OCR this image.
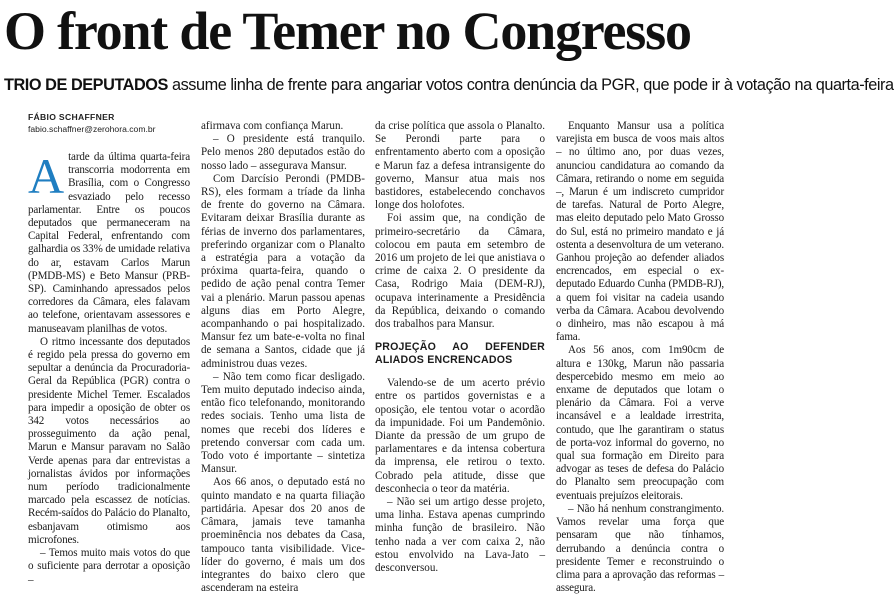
O front de Temer no Congresso
TRIO DE DEPUTADOS assume linha de frente para angariar votos contra denúncia da PGR, que pode ir à votação na quarta-feira
FÁBIO SCHAFFNER
fabio.schaffner@zerohora.com.br
A tarde da última quarta-feira transcorria modorrenta em Brasília, com o Congresso esvaziado pelo recesso parlamentar. Entre os poucos deputados que permaneceram na Capital Federal, enfrentando com galhardia os 33% de umidade relativa do ar, estavam Carlos Marun (PMDB-MS) e Beto Mansur (PRB-SP). Caminhando apressados pelos corredores da Câmara, eles falavam ao telefone, orientavam assessores e manuseavam planilhas de votos.

O ritmo incessante dos deputados é regido pela pressa do governo em sepultar a denúncia da Procuradoria-Geral da República (PGR) contra o presidente Michel Temer. Escalados para impedir a oposição de obter os 342 votos necessários ao prosseguimento da ação penal, Marun e Mansur paravam no Salão Verde apenas para dar entrevistas a jornalistas ávidos por informações num período tradicionalmente marcado pela escassez de notícias. Recém-saídos do Palácio do Planalto, esbanjavam otimismo aos microfones.

– Temos muito mais votos do que o suficiente para derrotar a oposição –

afirmava com confiança Marun.

– O presidente está tranquilo. Pelo menos 280 deputados estão do nosso lado – assegurava Mansur.

Com Darcísio Perondi (PMDB-RS), eles formam a tríade da linha de frente do governo na Câmara. Evitaram deixar Brasília durante as férias de inverno dos parlamentares, preferindo organizar com o Planalto a estratégia para a votação da próxima quarta-feira, quando o pedido de ação penal contra Temer vai a plenário. Marun passou apenas alguns dias em Porto Alegre, acompanhando o pai hospitalizado. Mansur fez um bate-e-volta no final de semana a Santos, cidade que já administrou duas vezes.

– Não tem como ficar desligado. Tem muito deputado indeciso ainda, então fico telefonando, monitorando redes sociais. Tenho uma lista de nomes que recebi dos líderes e pretendo conversar com cada um. Todo voto é importante – sintetiza Mansur.

Aos 66 anos, o deputado está no quinto mandato e na quarta filiação partidária. Apesar dos 20 anos de Câmara, jamais teve tamanha proeminência nos debates da Casa, tampouco tanta visibilidade. Vice-líder do governo, é mais um dos integrantes do baixo clero que ascenderam na esteira

da crise política que assola o Planalto. Se Perondi parte para o enfrentamento aberto com a oposição e Marun faz a defesa intransigente do governo, Mansur atua mais nos bastidores, estabelecendo conchavos longe dos holofotes.

Foi assim que, na condição de primeiro-secretário da Câmara, colocou em pauta em setembro de 2016 um projeto de lei que anistiava o crime de caixa 2. O presidente da Casa, Rodrigo Maia (DEM-RJ), ocupava interinamente a Presidência da República, deixando o comando dos trabalhos para Mansur.

PROJEÇÃO AO DEFENDER ALIADOS ENCRENCADOS

Valendo-se de um acerto prévio entre os partidos governistas e a oposição, ele tentou votar o acordão da impunidade. Foi um Pandemônio. Diante da pressão de um grupo de parlamentares e da intensa cobertura da imprensa, ele retirou o texto. Cobrado pela atitude, disse que desconhecia o teor da matéria.

– Não sei um artigo desse projeto, uma linha. Estava apenas cumprindo minha função de brasileiro. Não tenho nada a ver com caixa 2, não estou envolvido na Lava-Jato – desconversou.

Enquanto Mansur usa a política varejista em busca de voos mais altos – no último ano, por duas vezes, anunciou candidatura ao comando da Câmara, retirando o nome em seguida –, Marun é um indiscreto cumpridor de tarefas. Natural de Porto Alegre, mas eleito deputado pelo Mato Grosso do Sul, está no primeiro mandato e já ostenta a desenvoltura de um veterano. Ganhou projeção ao defender aliados encrencados, em especial o ex-deputado Eduardo Cunha (PMDB-RJ), a quem foi visitar na cadeia usando verba da Câmara. Acabou devolvendo o dinheiro, mas não escapou à má fama.

Aos 56 anos, com 1m90cm de altura e 130kg, Marun não passaria despercebido mesmo em meio ao enxame de deputados que lotam o plenário da Câmara. Foi a verve incansável e a lealdade irrestrita, contudo, que lhe garantiram o status de porta-voz informal do governo, no qual sua formação em Direito para advogar as teses de defesa do Palácio do Planalto sem preocupação com eventuais prejuízos eleitorais.

– Não há nenhum constrangimento. Vamos revelar uma força que pensaram que não tínhamos, derrubando a denúncia contra o presidente Temer e reconstruindo o clima para a aprovação das reformas – assegura.
